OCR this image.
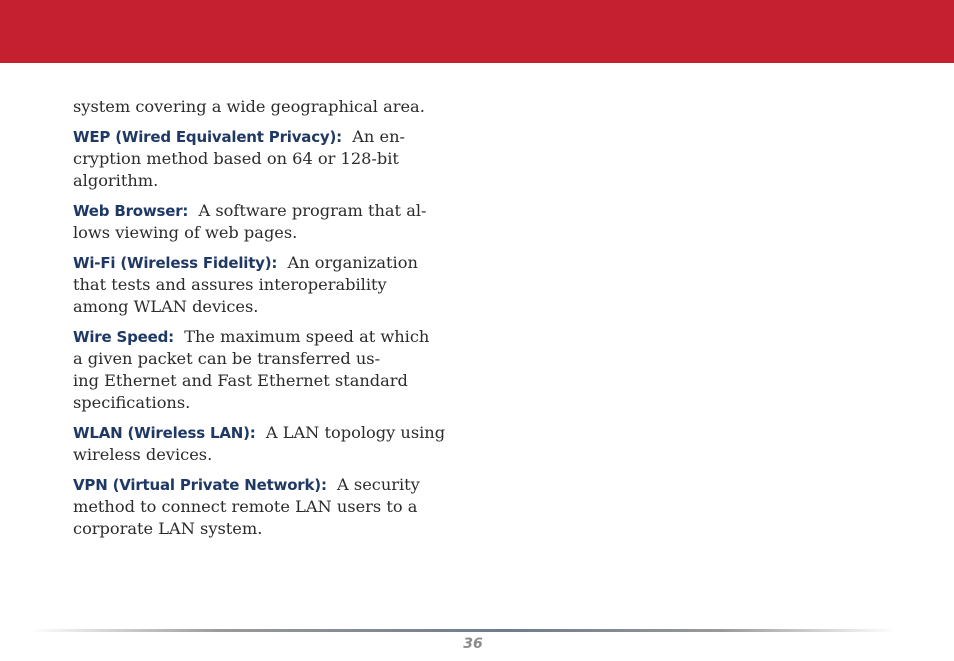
system covering a wide geographical area.

WEP (Wired Equivalent Privacy): An en-
cryption method based on 64 or 128-bit
algorithm.

Web Browser: A software program that al-
lows viewing of web pages.

Wi-Fi (Wireless Fidelity): An organization
that tests and assures interoperability
among WLAN devices.

Wire Speed: The maximum speed at which
a given packet can be transferred us-
ing Ethernet and Fast Ethernet standard
specifications.

WLAN (Wireless LAN): A LAN topology using
wireless devices.

VPN (Virtual Private Network): A security
method to connect remote LAN users to a
corporate LAN system.

36
